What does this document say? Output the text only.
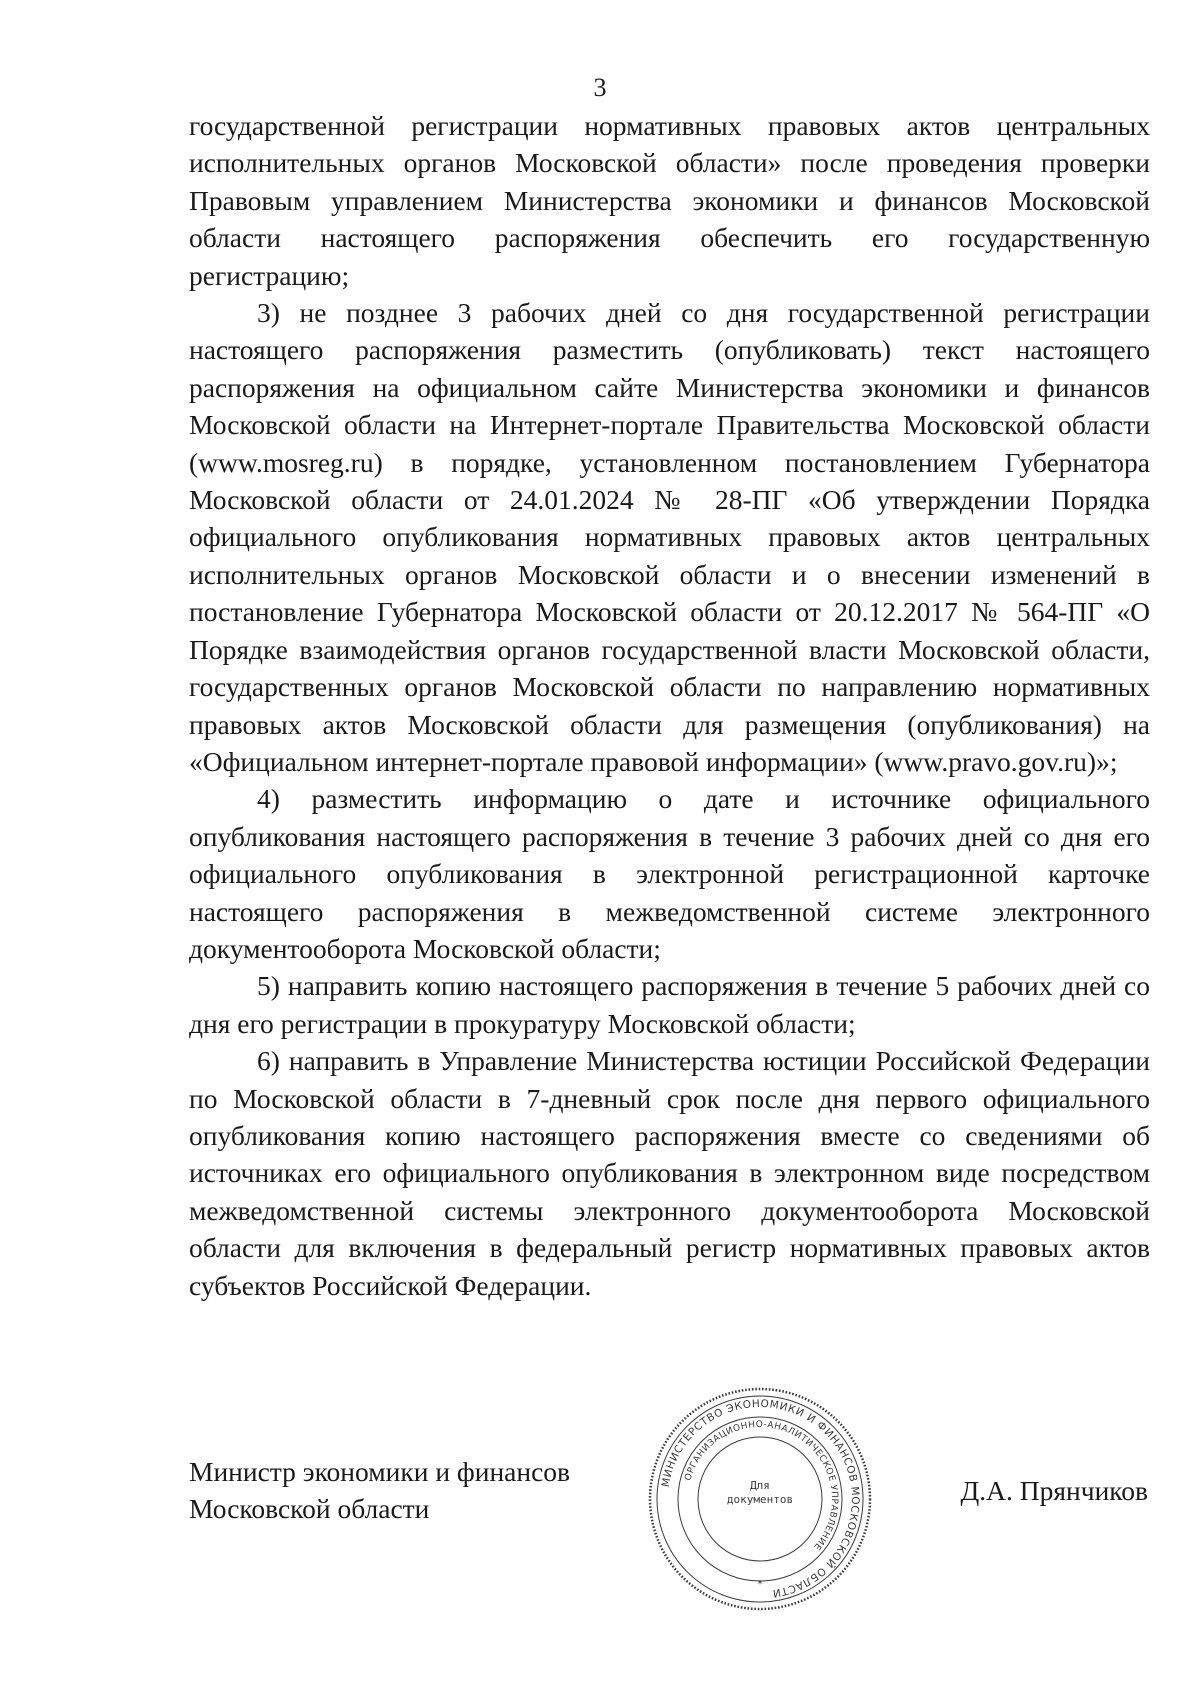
3

государственной регистрации нормативных правовых актов центральных исполнительных органов Московской области» после проведения проверки Правовым управлением Министерства экономики и финансов Московской области настоящего распоряжения обеспечить его государственную регистрацию;

3) не позднее 3 рабочих дней со дня государственной регистрации настоящего распоряжения разместить (опубликовать) текст настоящего распоряжения на официальном сайте Министерства экономики и финансов Московской области на Интернет-портале Правительства Московской области (www.mosreg.ru) в порядке, установленном постановлением Губернатора Московской области от 24.01.2024 № 28-ПГ «Об утверждении Порядка официального опубликования нормативных правовых актов центральных исполнительных органов Московской области и о внесении изменений в постановление Губернатора Московской области от 20.12.2017 № 564-ПГ «О Порядке взаимодействия органов государственной власти Московской области, государственных органов Московской области по направлению нормативных правовых актов Московской области для размещения (опубликования) на «Официальном интернет-портале правовой информации» (www.pravo.gov.ru)»;

4) разместить информацию о дате и источнике официального опубликования настоящего распоряжения в течение 3 рабочих дней со дня его официального опубликования в электронной регистрационной карточке настоящего распоряжения в межведомственной системе электронного документооборота Московской области;

5) направить копию настоящего распоряжения в течение 5 рабочих дней со дня его регистрации в прокуратуру Московской области;

6) направить в Управление Министерства юстиции Российской Федерации по Московской области в 7-дневный срок после дня первого официального опубликования копию настоящего распоряжения вместе со сведениями об источниках его официального опубликования в электронном виде посредством межведомственной системы электронного документооборота Московской области для включения в федеральный регистр нормативных правовых актов субъектов Российской Федерации.

Министр экономики и финансов
Московской области
МИНИСТЕРСТВО ЭКОНОМИКИ И ФИНАНСОВ МОСКОВСКОЙ ОБЛАСТИ
ОРГАНИЗАЦИОННО-АНАЛИТИЧЕСКОЕ УПРАВЛЕНИЕ
*
Для
документов	Д.А. Прянчиков
